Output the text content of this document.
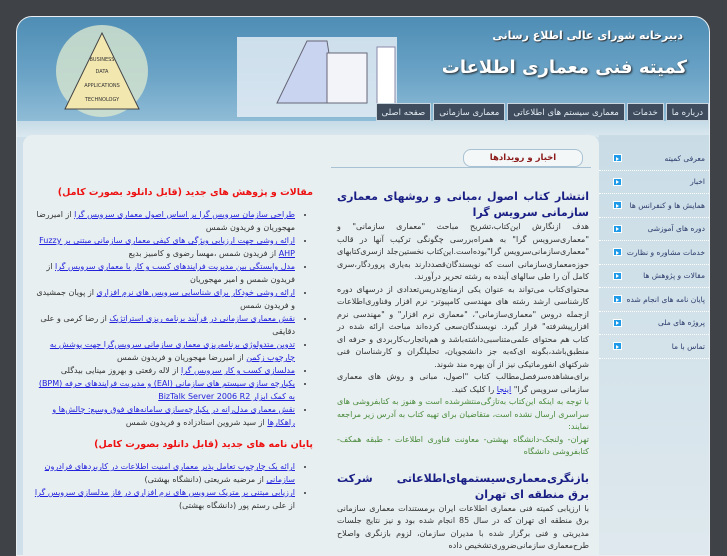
BUSINESS
DATA
APPLICATIONS
TECHNOLOGY
دبیرخانه شورای عالی اطلاع رسانی
کمیته فنی معماری اطلاعات
صفحه اصلی	معماری سازمانی	معماری سیستم های اطلاعاتی	خدمات	درباره ما
معرفی کمیته
اخبار
همایش ها و کنفرانس ها
دوره های آموزشی
خدمات مشاوره و نظارت
مقالات و پژوهش ها
پایان نامه های انجام شده
پروژه های ملی
تماس با ما
اخبار و رویدادها
انتشار کتاب اصول ،مبانی و روشهای معماری سازمانی سرویس گرا

هدف ازنگارش این‌کتاب،تشریح مباحث "معماری سازمانی" و "معماری‌سرویس گرا" به همراه‌بررسی چگونگی ترکیب آنها در قالب "معماری‌سازمانی‌سرویس گرا"بوده‌است.این‌کتاب نخستین‌جلد ازسری‌کتابهای حوزه‌معماری‌سازمانی است که نویسندگان‌قصددارند به‌یاری پروردگار،سری کامل آن را طی سالهای آینده به رشته تحریر درآورند.

محتوای‌کتاب می‌تواند به عنوان یکی ازمنابع‌تدریس‌تعدادی از درسهای دوره کارشناسی ارشد رشته های مهندسی کامپیوتر- نرم افزار وفناوری‌اطلاعات ازجمله دروس "معماری‌سازمانی"، "معماری نرم افزار" و "مهندسی نرم افزارپیشرفته" قرار گیرد. نویسندگان‌سعی کرده‌اند مباحث ارائه شده در کتاب هم محتوای علمی‌متناسبی‌داشته‌باشد و هم‌باتجارب‌کاربردی و حرفه ای منطبق‌باشد،بگونه ای‌که‌به جز دانشجویان، تحلیلگران و کارشناسان فنی شرکتهای انفورماتیکی نیز از آن بهره مند شوند.

برای‌مشاهده‌سرفصل‌مطالب کتاب "اصول، مبانی و روش های معماری سازمانی سرویس گرا" اینجا را کلیک کنید.

با توجه به اینکه این‌کتاب به‌تازگی‌منتشرشده است و هنوز به کتابفروشی های سراسری ارسال نشده است، متقاضیان برای تهیه کتاب به آدرس زیر مراجعه نمایند:

تهران- ولنجک-دانشگاه بهشتی- معاونت فناوری اطلاعات - طبقه همکف- کتابفروشی دانشگاه

بازنگری‌معماری‌سیستمهای‌اطلاعاتی شرکت برق منطقه ای تهران

با ارزیابی کمیته فنی معماری اطلاعات ایران برمستندات معماری سازمانی برق منطقه ای تهران که در سال 85 انجام شده بود و نیز نتایج جلسات مدیریتی و فنی برگزار شده با مدیران سازمان، لزوم بازنگری واصلاح طرح‌معماری سازمانی‌ضروری‌تشخیص داده

مقالات و پژوهش های جدید (قابل دانلود بصورت کامل)
• طراحی سازمان سرویس گرا بر اساس اصول معماری سرویس گرا از امیررضا مهجوریان و فریدون شمس
• ارائه روشی جهت ارزیابی ویژگی های کیفی معماری سازمانی مبتنی بر Fuzzy AHP از فریدون شمس ،مهسا رضوی و کامبیز بدیع
• مدل وابستگی بین مدیریت فرایندهای کسب و کار با معماری سرویس گرا از فریدون شمس و امیر مهجوریان
• ارائه روشی خودکار برای شناسایی سرویس های نرم افزاری از پویان جمشیدی و فریدون شمس
• نقش معماری سازمانی در فرآیند برنامه ریزی استراتژیک از رضا کرمی و علی دقایقی
• تدوین متدولوژی برنامه‌ریزی معماری سازمانی سرویس‌گرا جهت پوشش به چارچوب زکمن از امیررضا مهجوریان و فریدون شمس
• مدلسازی کسب و کار سرویس گرا از لاله رفعتی و بهروز مینایی بیدگلی
• یکپارچه سازی سیستم های سازمانی (EAI) و مدیریت فرایندهای حرفه (BPM) به کمک ابزار BizTalk Server 2006 R2
• نقش معماری مدل‌رانه در یکپارچه‌سازی سامانه‌های فوق وسیع: چالش‌ها و راهکارها از سید شروین استادزاده و فریدون شمس
پایان نامه های جدید (قابل دانلود بصورت کامل)
• ارائه یک چارچوب تعامل پذیر معماری امنیت اطلاعات در کاربردهای فرادرون سازمانی از مرضیه شریعتی (دانشگاه بهشتی)
• ارزیابی مبتنی بر متریک سرویس های نرم افزاری در فاز مدلسازی سرویس گرا از علی رستم پور (دانشگاه بهشتی)
